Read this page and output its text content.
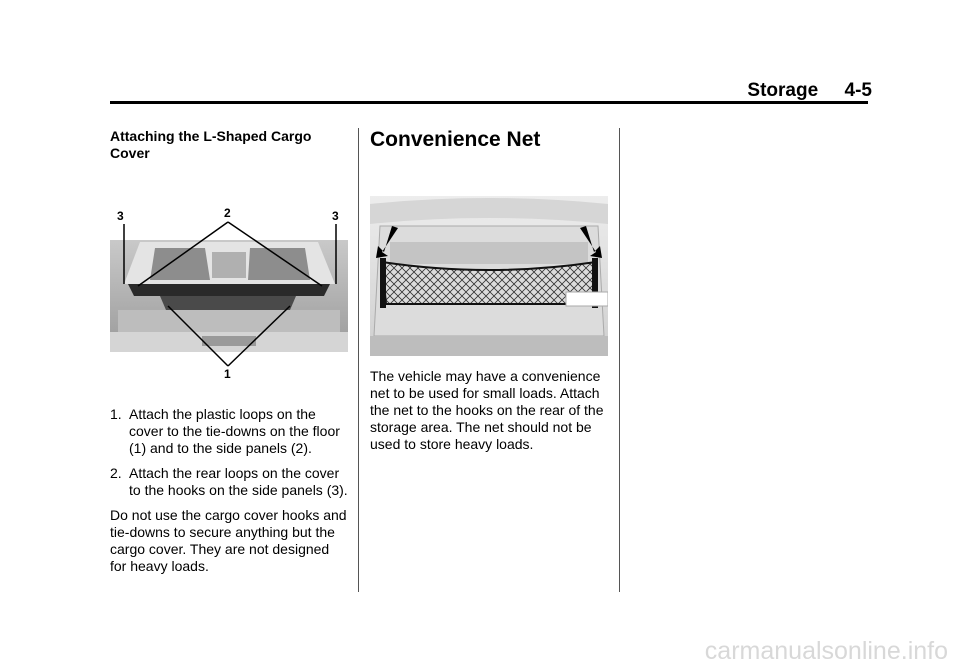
Storage     4-5

Attaching the L-Shaped Cargo Cover

3	2	3
1
1. Attach the plastic loops on the cover to the tie-downs on the floor (1) and to the side panels (2).
2. Attach the rear loops on the cover to the hooks on the side panels (3).

Do not use the cargo cover hooks and tie-downs to secure anything but the cargo cover. They are not designed for heavy loads.

Convenience Net

The vehicle may have a convenience net to be used for small loads. Attach the net to the hooks on the rear of the storage area. The net should not be used to store heavy loads.

carmanualsonline.info
